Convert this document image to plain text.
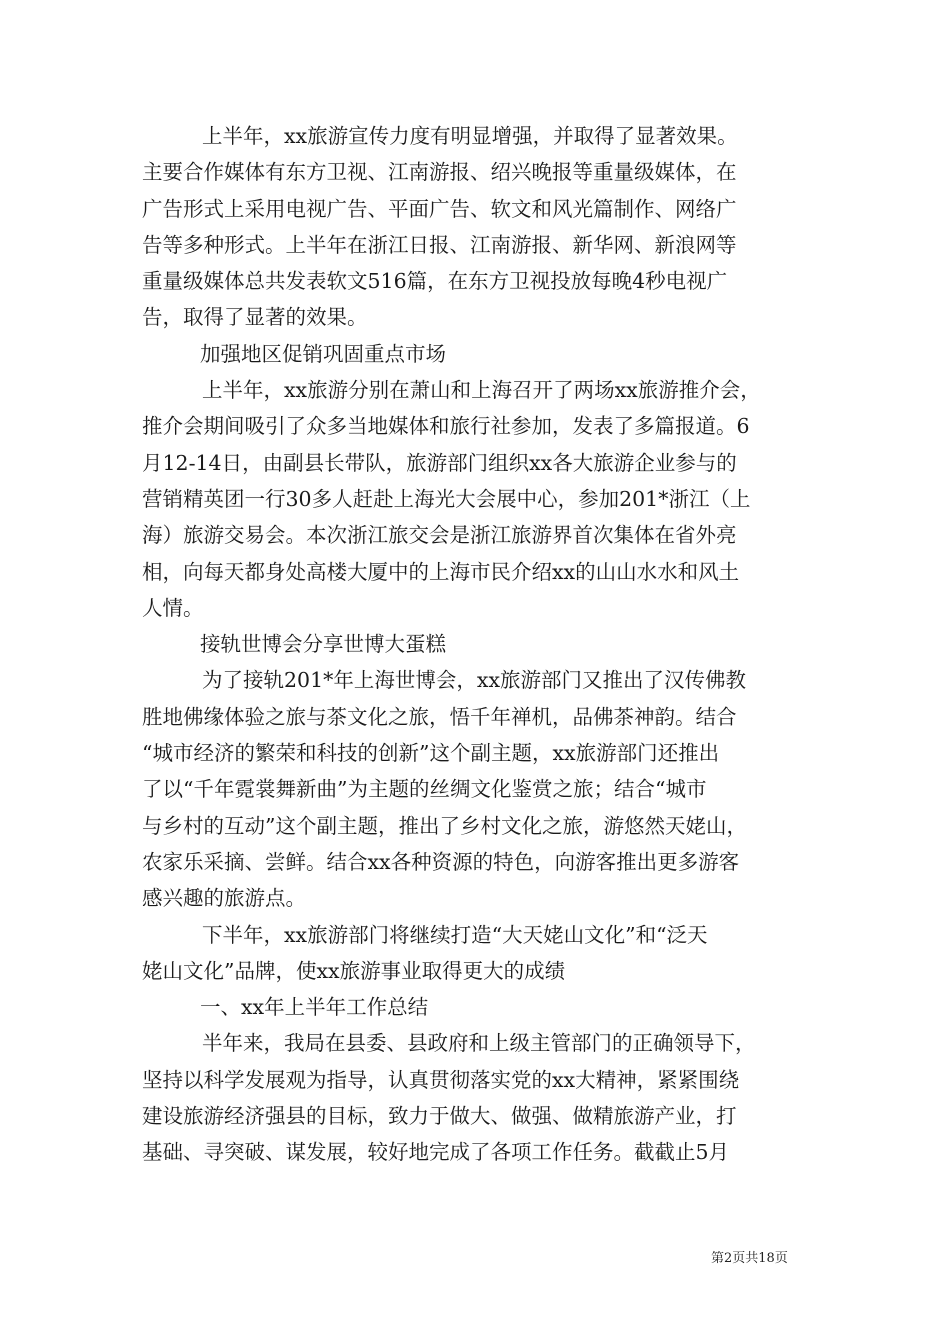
上半年，xx旅游宣传力度有明显增强，并取得了显著效果。
主要合作媒体有东方卫视、江南游报、绍兴晚报等重量级媒体，在
广告形式上采用电视广告、平面广告、软文和风光篇制作、网络广
告等多种形式。上半年在浙江日报、江南游报、新华网、新浪网等
重量级媒体总共发表软文516篇，在东方卫视投放每晚4秒电视广
告，取得了显著的效果。
加强地区促销巩固重点市场
上半年，xx旅游分别在萧山和上海召开了两场xx旅游推介会，
推介会期间吸引了众多当地媒体和旅行社参加，发表了多篇报道。6
月12-14日，由副县长带队，旅游部门组织xx各大旅游企业参与的
营销精英团一行30多人赶赴上海光大会展中心，参加201*浙江（上
海）旅游交易会。本次浙江旅交会是浙江旅游界首次集体在省外亮
相，向每天都身处高楼大厦中的上海市民介绍xx的山山水水和风土
人情。
接轨世博会分享世博大蛋糕
为了接轨201*年上海世博会，xx旅游部门又推出了汉传佛教
胜地佛缘体验之旅与茶文化之旅，悟千年禅机，品佛茶神韵。结合
“城市经济的繁荣和科技的创新”这个副主题，xx旅游部门还推出
了以“千年霓裳舞新曲”为主题的丝绸文化鉴赏之旅；结合“城市
与乡村的互动”这个副主题，推出了乡村文化之旅，游悠然天姥山，
农家乐采摘、尝鲜。结合xx各种资源的特色，向游客推出更多游客
感兴趣的旅游点。
下半年，xx旅游部门将继续打造“大天姥山文化”和“泛天
姥山文化”品牌，使xx旅游事业取得更大的成绩
一、xx年上半年工作总结
半年来，我局在县委、县政府和上级主管部门的正确领导下，
坚持以科学发展观为指导，认真贯彻落实党的xx大精神，紧紧围绕
建设旅游经济强县的目标，致力于做大、做强、做精旅游产业，打
基础、寻突破、谋发展，较好地完成了各项工作任务。截截止5月
第2页共18页
